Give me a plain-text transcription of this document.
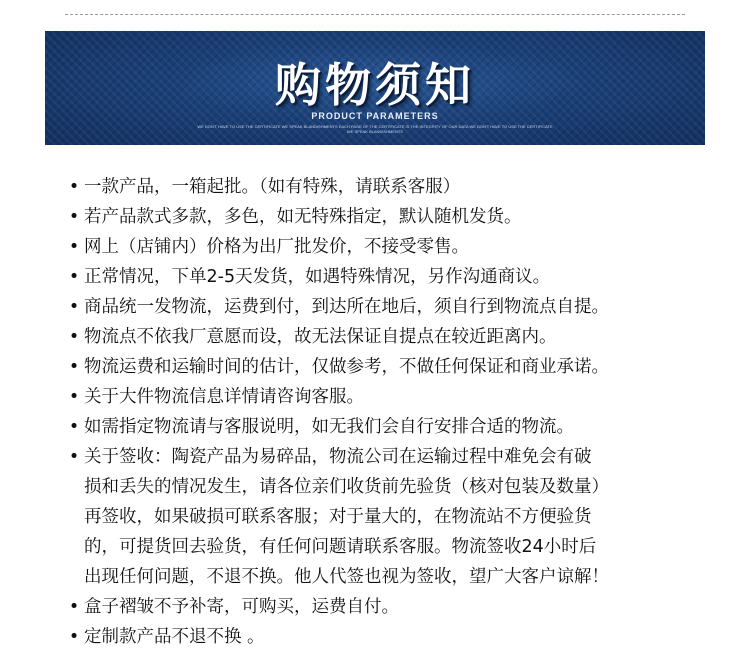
购物须知
PRODUCT PARAMETERS
WE DON'T HAVE TO USE THE CERTIFICATE WE SPEAK BLANDISHMENTS EACH PAGE OF THE CERTIFICATE IS THE INTEGRITY OF OUR DATA WE DON'T HAVE TO USE THE CERTIFICATE WE SPEAK BLANDISHMENTS
• 一款产品，一箱起批。（如有特殊，请联系客服）
• 若产品款式多款，多色，如无特殊指定，默认随机发货。
• 网上（店铺内）价格为出厂批发价，不接受零售。
• 正常情况，下单2-5天发货，如遇特殊情况，另作沟通商议。
• 商品统一发物流，运费到付，到达所在地后，须自行到物流点自提。
• 物流点不依我厂意愿而设，故无法保证自提点在较近距离内。
• 物流运费和运输时间的估计，仅做参考，不做任何保证和商业承诺。
• 关于大件物流信息详情请咨询客服。
• 如需指定物流请与客服说明，如无我们会自行安排合适的物流。
• 关于签收：陶瓷产品为易碎品，物流公司在运输过程中难免会有破
损和丢失的情况发生，请各位亲们收货前先验货（核对包装及数量）
再签收，如果破损可联系客服；对于量大的，在物流站不方便验货
的，可提货回去验货，有任何问题请联系客服。物流签收24小时后
出现任何问题，不退不换。他人代签也视为签收，望广大客户谅解！
• 盒子褶皱不予补寄，可购买，运费自付。
• 定制款产品不退不换 。
